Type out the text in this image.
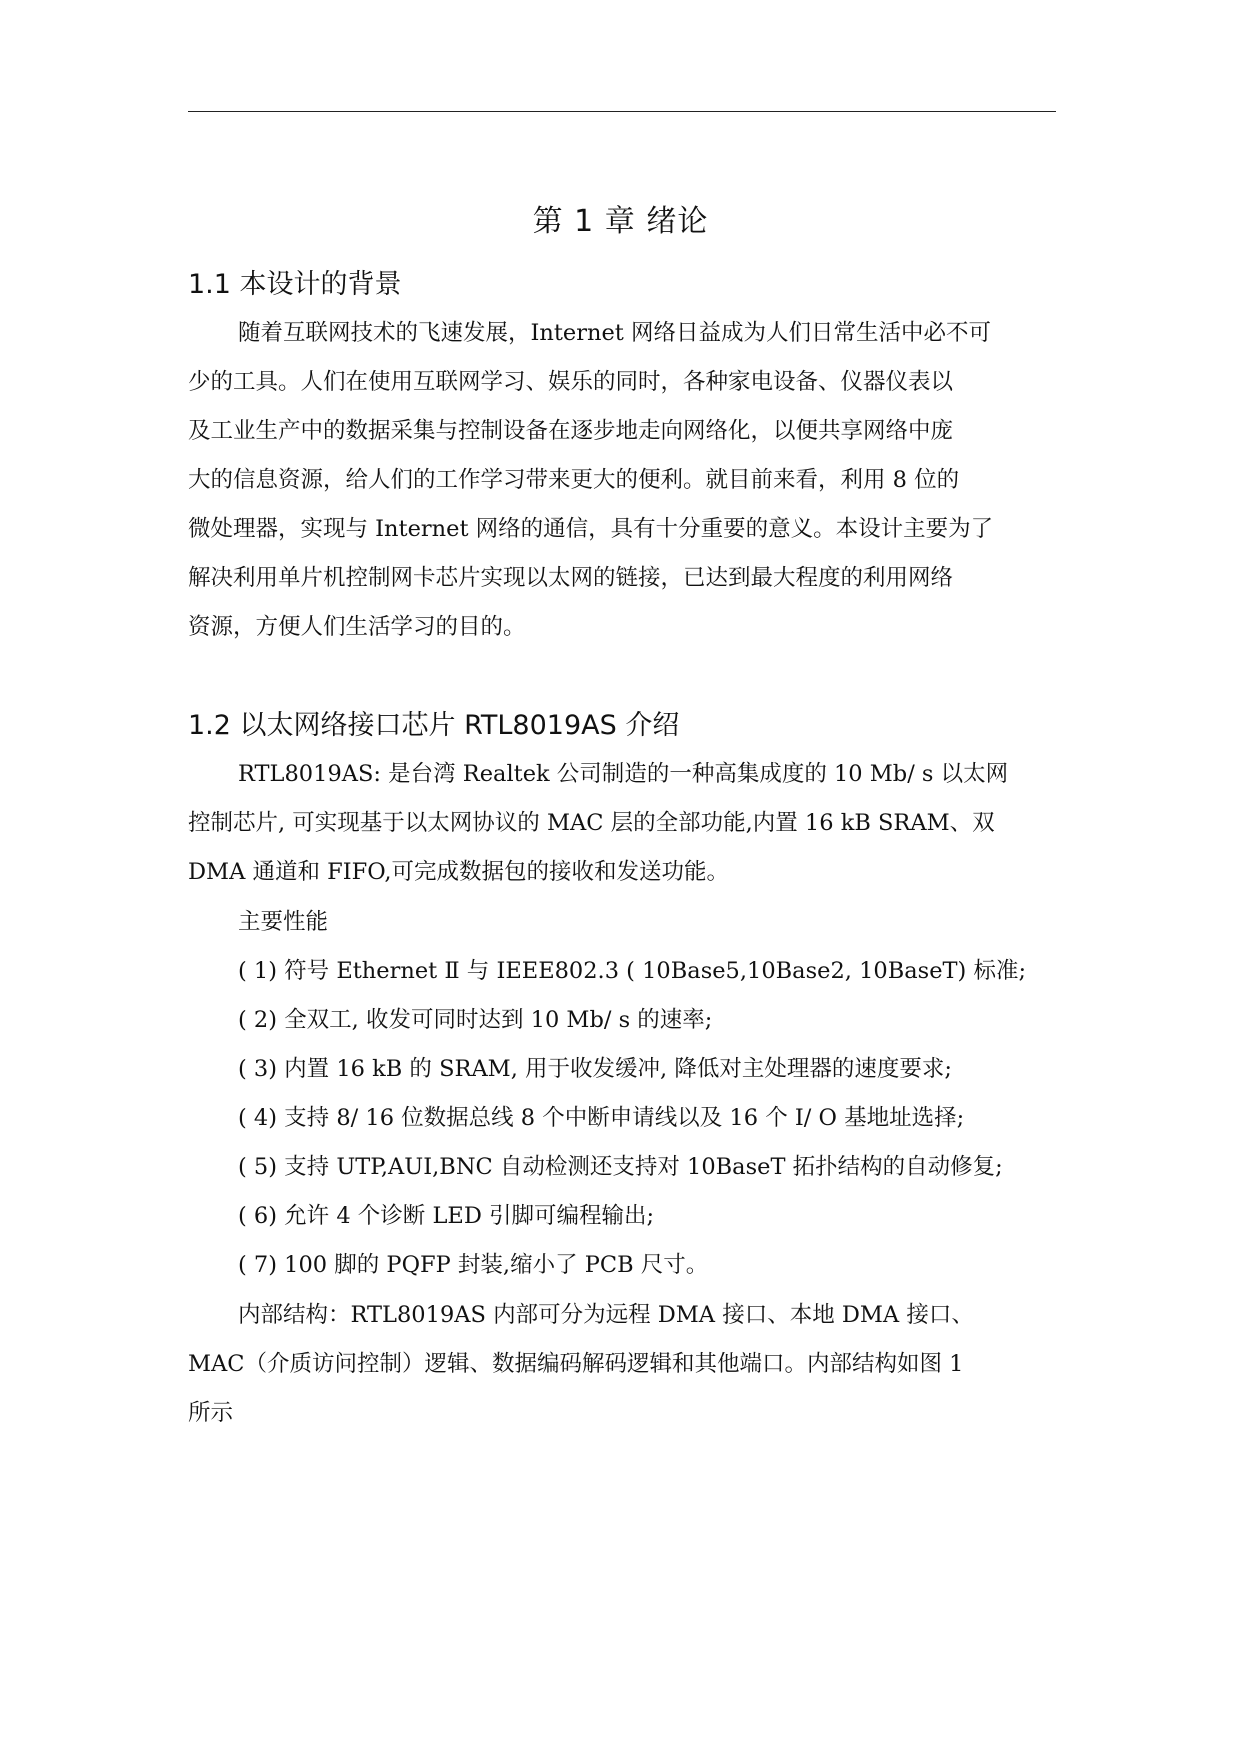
第 1 章 绪论
1.1 本设计的背景
随着互联网技术的飞速发展，Internet 网络日益成为人们日常生活中必不可
少的工具。人们在使用互联网学习、娱乐的同时，各种家电设备、仪器仪表以
及工业生产中的数据采集与控制设备在逐步地走向网络化，以便共享网络中庞
大的信息资源，给人们的工作学习带来更大的便利。就目前来看，利用 8 位的
微处理器，实现与 Internet 网络的通信，具有十分重要的意义。本设计主要为了
解决利用单片机控制网卡芯片实现以太网的链接，已达到最大程度的利用网络
资源，方便人们生活学习的目的。
1.2 以太网络接口芯片 RTL8019AS 介绍
RTL8019AS: 是台湾 Realtek 公司制造的一种高集成度的 10 Mb/ s 以太网
控制芯片, 可实现基于以太网协议的 MAC 层的全部功能,内置 16 kB SRAM、双
DMA 通道和 FIFO,可完成数据包的接收和发送功能。
主要性能
( 1) 符号 Ethernet Ⅱ 与 IEEE802.3 ( 10Base5,10Base2, 10BaseT) 标准;
( 2) 全双工, 收发可同时达到 10 Mb/ s 的速率;
( 3) 内置 16 kB 的 SRAM, 用于收发缓冲, 降低对主处理器的速度要求;
( 4) 支持 8/ 16 位数据总线 8 个中断申请线以及 16 个 I/ O 基地址选择;
( 5) 支持 UTP,AUI,BNC 自动检测还支持对 10BaseT 拓扑结构的自动修复;
( 6) 允许 4 个诊断 LED 引脚可编程输出;
( 7) 100 脚的 PQFP 封装,缩小了 PCB 尺寸。
内部结构：RTL8019AS 内部可分为远程 DMA 接口、本地 DMA 接口、
MAC（介质访问控制）逻辑、数据编码解码逻辑和其他端口。内部结构如图 1
所示
